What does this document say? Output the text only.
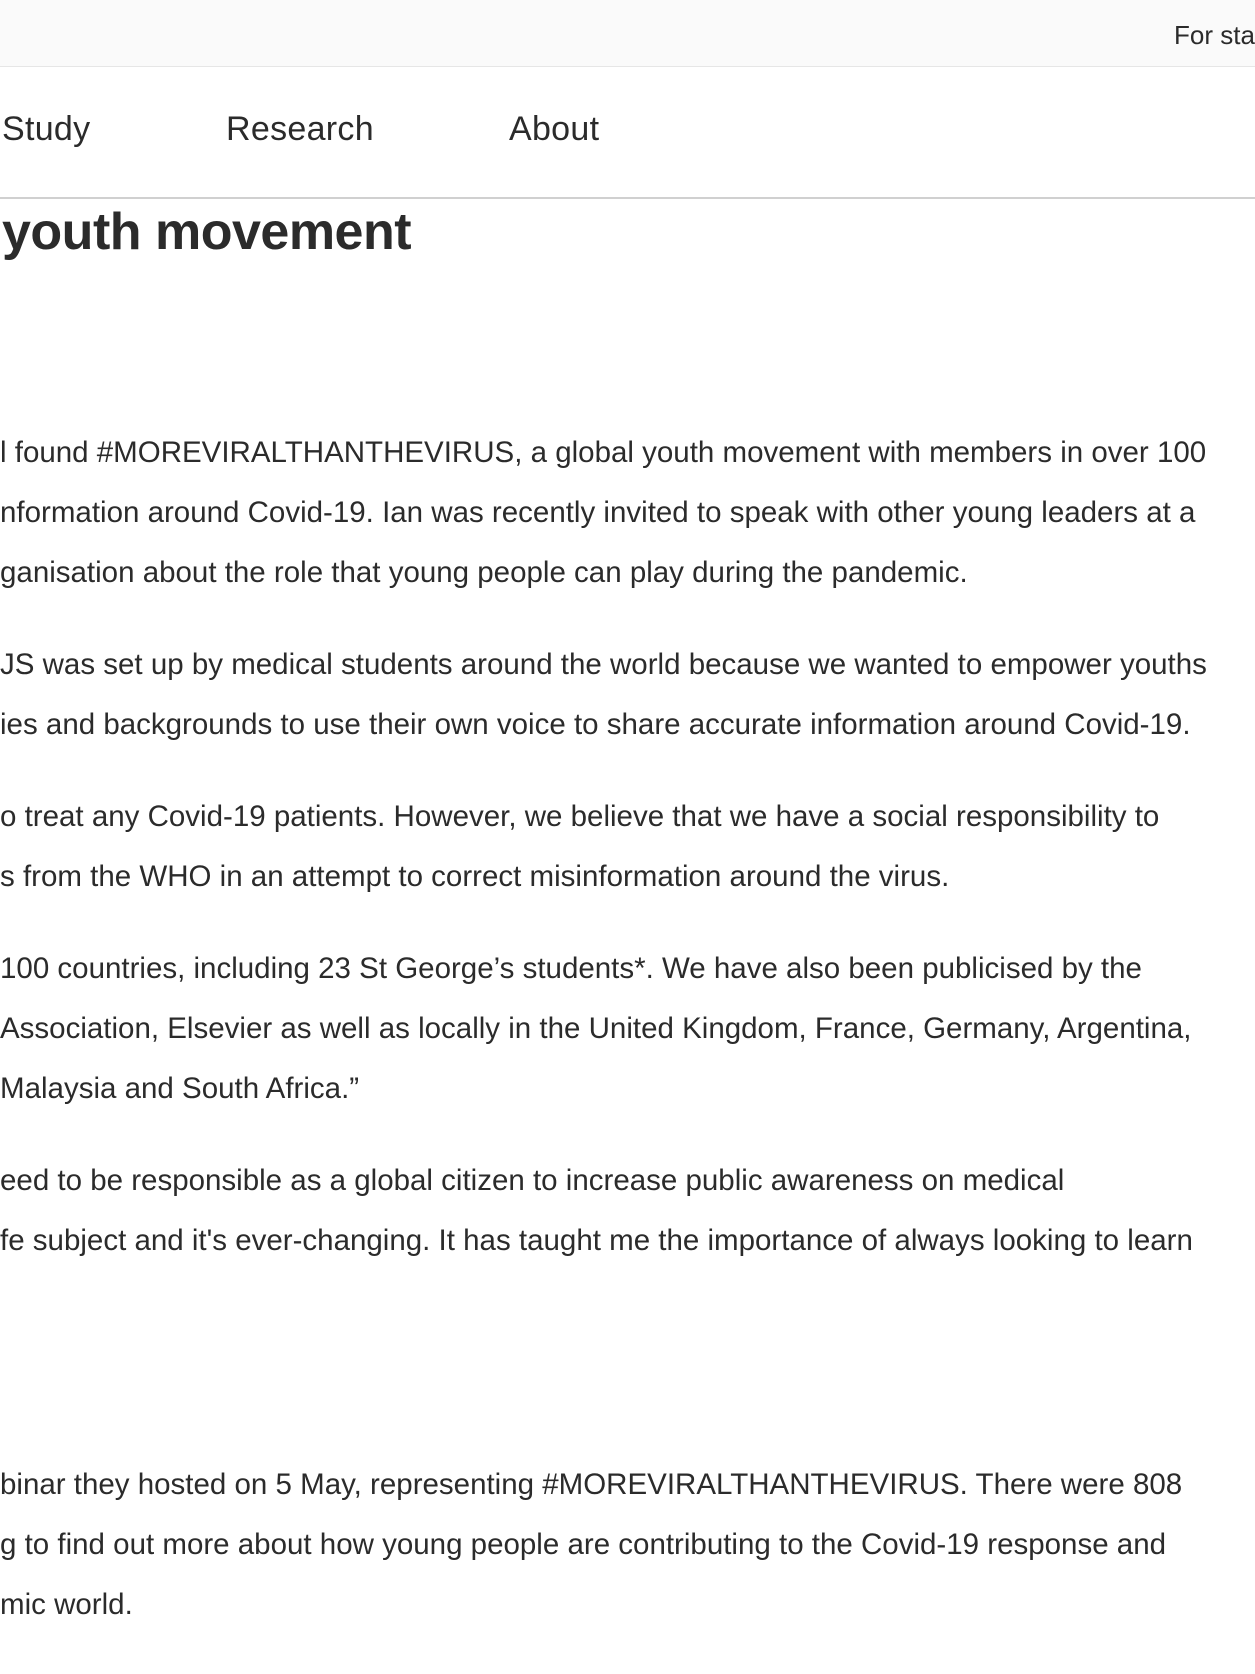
For sta
Study	Research	About
youth movement

l found #MOREVIRALTHANTHEVIRUS, a global youth movement with members in over 100

nformation around Covid-19. Ian was recently invited to speak with other young leaders at a

ganisation about the role that young people can play during the pandemic.

JS was set up by medical students around the world because we wanted to empower youths

ies and backgrounds to use their own voice to share accurate information around Covid-19.

o treat any Covid-19 patients. However, we believe that we have a social responsibility to

s from the WHO in an attempt to correct misinformation around the virus.

100 countries, including 23 St George’s students*. We have also been publicised by the

Association, Elsevier as well as locally in the United Kingdom, France, Germany, Argentina,

Malaysia and South Africa.”

eed to be responsible as a global citizen to increase public awareness on medical

fe subject and it's ever-changing. It has taught me the importance of always looking to learn

binar they hosted on 5 May, representing #MOREVIRALTHANTHEVIRUS. There were 808

g to find out more about how young people are contributing to the Covid-19 response and

mic world.
